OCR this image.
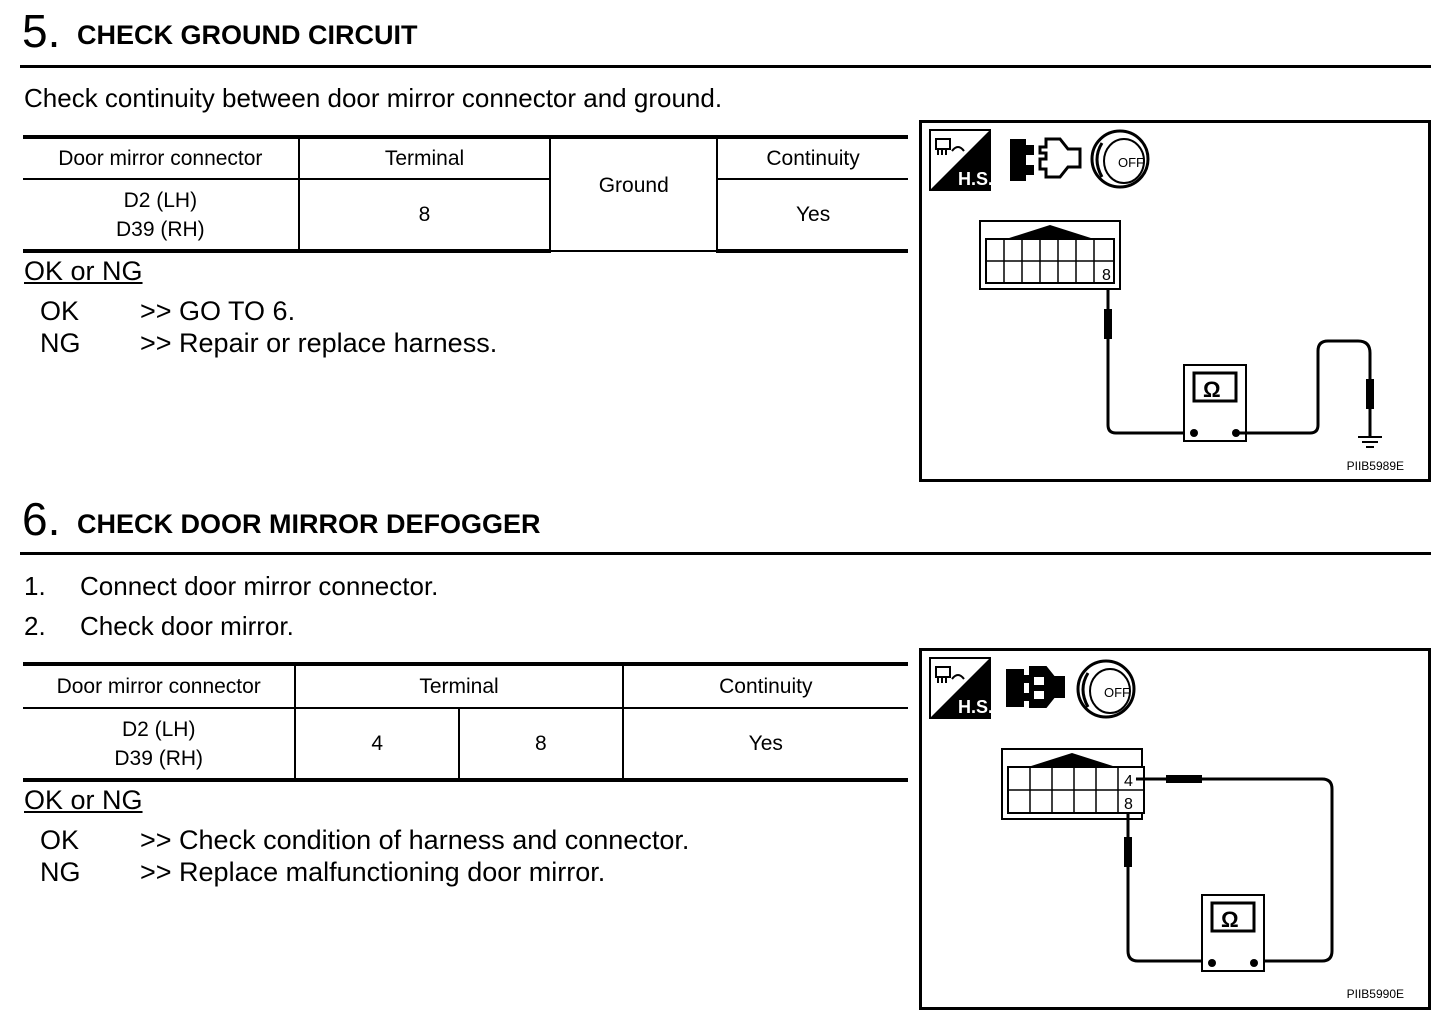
5. CHECK GROUND CIRCUIT
Check continuity between door mirror connector and ground.
Door mirror connector	Terminal	Ground	Continuity

D2 (LH)
D39 (RH)	8		Yes
OK or NG
OK >> GO TO 6.
NG >> Repair or replace harness.
H.S.
OFF
8
Ω
PIIB5989E
6. CHECK DOOR MIRROR DEFOGGER
1. Connect door mirror connector.
2. Check door mirror.
Door mirror connector	Terminal		Continuity

D2 (LH)
D39 (RH)	4	8	Yes
OK or NG
OK >> Check condition of harness and connector.
NG >> Replace malfunctioning door mirror.
H.S.
OFF
4
8
Ω
PIIB5990E
